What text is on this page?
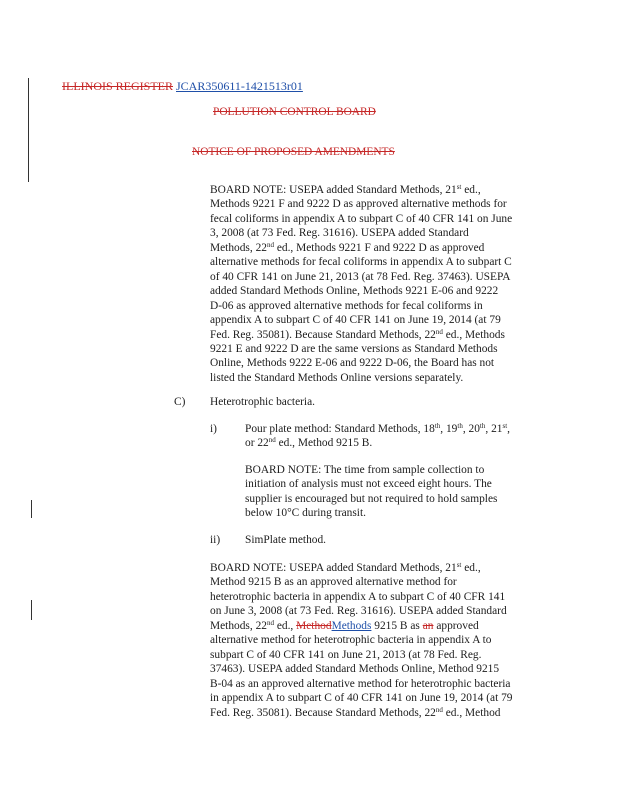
ILLINOIS REGISTER JCAR350611-1421513r01
POLLUTION CONTROL BOARD
NOTICE OF PROPOSED AMENDMENTS
BOARD NOTE: USEPA added Standard Methods, 21st ed.,
Methods 9221 F and 9222 D as approved alternative methods for
fecal coliforms in appendix A to subpart C of 40 CFR 141 on June
3, 2008 (at 73 Fed. Reg. 31616). USEPA added Standard
Methods, 22nd ed., Methods 9221 F and 9222 D as approved
alternative methods for fecal coliforms in appendix A to subpart C
of 40 CFR 141 on June 21, 2013 (at 78 Fed. Reg. 37463). USEPA
added Standard Methods Online, Methods 9221 E-06 and 9222
D-06 as approved alternative methods for fecal coliforms in
appendix A to subpart C of 40 CFR 141 on June 19, 2014 (at 79
Fed. Reg. 35081). Because Standard Methods, 22nd ed., Methods
9221 E and 9222 D are the same versions as Standard Methods
Online, Methods 9222 E-06 and 9222 D-06, the Board has not
listed the Standard Methods Online versions separately.
C) Heterotrophic bacteria.
i) Pour plate method: Standard Methods, 18th, 19th, 20th, 21st,
or 22nd ed., Method 9215 B.
BOARD NOTE: The time from sample collection to
initiation of analysis must not exceed eight hours. The
supplier is encouraged but not required to hold samples
below 10°C during transit.
ii) SimPlate method.
BOARD NOTE: USEPA added Standard Methods, 21st ed.,
Method 9215 B as an approved alternative method for
heterotrophic bacteria in appendix A to subpart C of 40 CFR 141
on June 3, 2008 (at 73 Fed. Reg. 31616). USEPA added Standard
Methods, 22nd ed., MethodMethods 9215 B as an approved
alternative method for heterotrophic bacteria in appendix A to
subpart C of 40 CFR 141 on June 21, 2013 (at 78 Fed. Reg.
37463). USEPA added Standard Methods Online, Method 9215
B-04 as an approved alternative method for heterotrophic bacteria
in appendix A to subpart C of 40 CFR 141 on June 19, 2014 (at 79
Fed. Reg. 35081). Because Standard Methods, 22nd ed., Method
